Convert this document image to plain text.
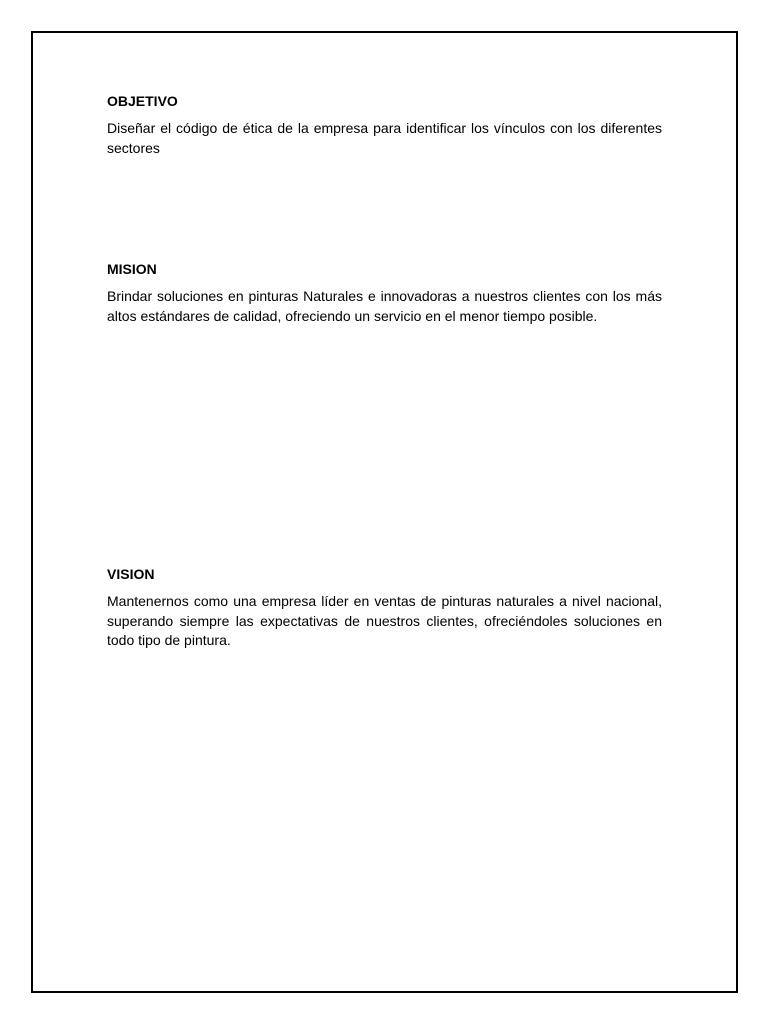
OBJETIVO

Diseñar el código de ética de la empresa para identificar los vínculos con los diferentes sectores

MISION

Brindar soluciones en pinturas Naturales e innovadoras a nuestros clientes con los más altos estándares de calidad, ofreciendo un servicio en el menor tiempo posible.

VISION

Mantenernos como una empresa líder en ventas de pinturas naturales a nivel nacional, superando siempre las expectativas de nuestros clientes, ofreciéndoles soluciones en todo tipo de pintura.
